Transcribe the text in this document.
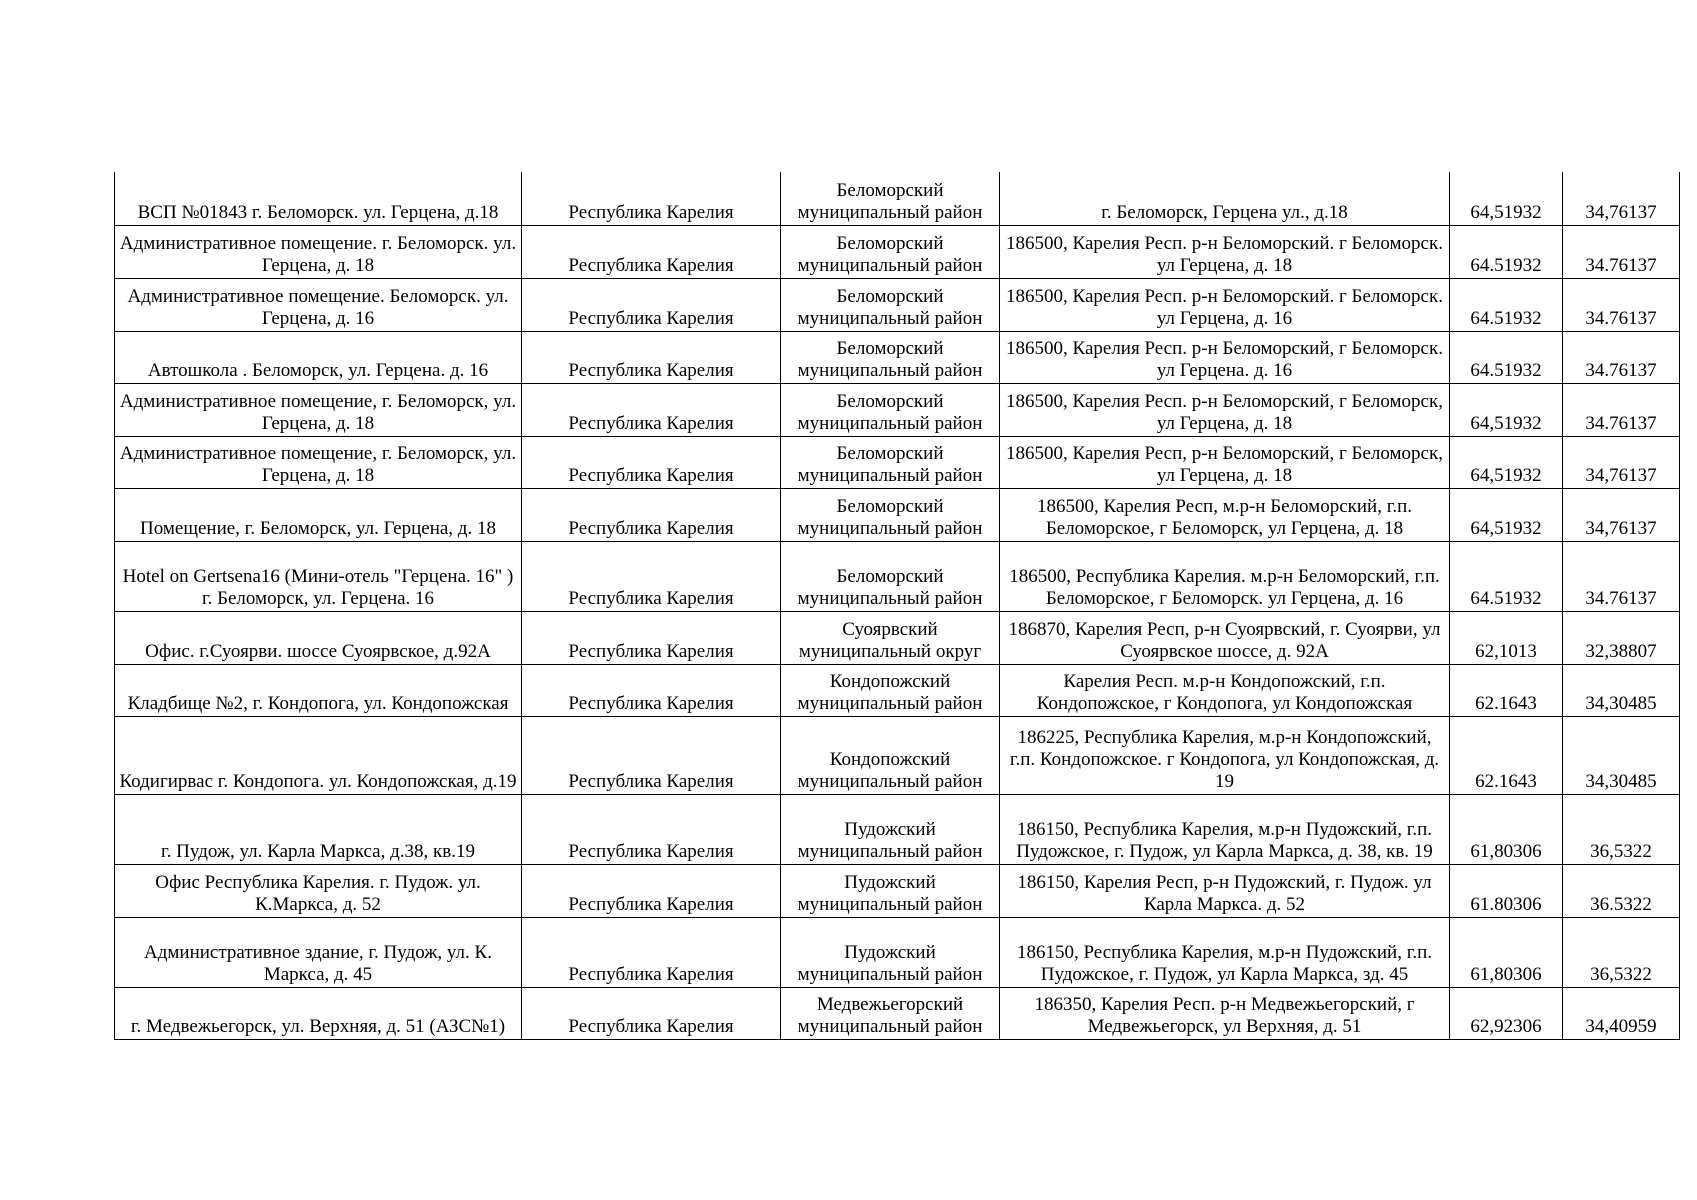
ВСП №01843 г. Беломорск. ул. Герцена, д.18	Республика Карелия	Беломорский муниципальный район	г. Беломорск, Герцена ул., д.18	64,51932	34,76137
Административное помещение. г. Беломорск. ул. Герцена, д. 18	Республика Карелия	Беломорский муниципальный район	186500, Карелия Респ. р-н Беломорский. г Беломорск. ул Герцена, д. 18	64.51932	34.76137
Административное помещение. Беломорск. ул. Герцена, д. 16	Республика Карелия	Беломорский муниципальный район	186500, Карелия Респ. р-н Беломорский. г Беломорск. ул Герцена, д. 16	64.51932	34.76137
Автошкола . Беломорск, ул. Герцена. д. 16	Республика Карелия	Беломорский муниципальный район	186500, Карелия Респ. р-н Беломорский, г Беломорск. ул Герцена. д. 16	64.51932	34.76137
Административное помещение, г. Беломорск, ул. Герцена, д. 18	Республика Карелия	Беломорский муниципальный район	186500, Карелия Респ. р-н Беломорский, г Беломорск, ул Герцена, д. 18	64,51932	34.76137
Административное помещение, г. Беломорск, ул. Герцена, д. 18	Республика Карелия	Беломорский муниципальный район	186500, Карелия Респ, р-н Беломорский, г Беломорск, ул Герцена, д. 18	64,51932	34,76137
Помещение, г. Беломорск, ул. Герцена, д. 18	Республика Карелия	Беломорский муниципальный район	186500, Карелия Респ, м.р-н Беломорский, г.п. Беломорское, г Беломорск, ул Герцена, д. 18	64,51932	34,76137
Hotel on Gertsena16 (Мини-отель "Герцена. 16" ) г. Беломорск, ул. Герцена. 16	Республика Карелия	Беломорский муниципальный район	186500, Республика Карелия. м.р-н Беломорский, г.п. Беломорское, г Беломорск. ул Герцена, д. 16	64.51932	34.76137
Офис. г.Суоярви. шоссе Суоярвское, д.92А	Республика Карелия	Суоярвский муниципальный округ	186870, Карелия Респ, р-н Суоярвский, г. Суоярви, ул Суоярвское шоссе, д. 92А	62,1013	32,38807
Кладбище №2, г. Кондопога, ул. Кондопожская	Республика Карелия	Кондопожский муниципальный район	Карелия Респ. м.р-н Кондопожский, г.п. Кондопожское, г Кондопога, ул Кондопожская	62.1643	34,30485
Кодигирвас г. Кондопога. ул. Кондопожская, д.19	Республика Карелия	Кондопожский муниципальный район	186225, Республика Карелия, м.р-н Кондопожский, г.п. Кондопожское. г Кондопога, ул Кондопожская, д. 19	62.1643	34,30485
г. Пудож, ул. Карла Маркса, д.38, кв.19	Республика Карелия	Пудожский муниципальный район	186150, Республика Карелия, м.р-н Пудожский, г.п. Пудожское, г. Пудож, ул Карла Маркса, д. 38, кв. 19	61,80306	36,5322
Офис Республика Карелия. г. Пудож. ул. К.Маркса, д. 52	Республика Карелия	Пудожский муниципальный район	186150, Карелия Респ, р-н Пудожский, г. Пудож. ул Карла Маркса. д. 52	61.80306	36.5322
Административное здание, г. Пудож, ул. К. Маркса, д. 45	Республика Карелия	Пудожский муниципальный район	186150, Республика Карелия, м.р-н Пудожский, г.п. Пудожское, г. Пудож, ул Карла Маркса, зд. 45	61,80306	36,5322
г. Медвежьегорск, ул. Верхняя, д. 51 (АЗС№1)	Республика Карелия	Медвежьегорский муниципальный район	186350, Карелия Респ. р-н Медвежьегорский, г Медвежьегорск, ул Верхняя, д. 51	62,92306	34,40959
